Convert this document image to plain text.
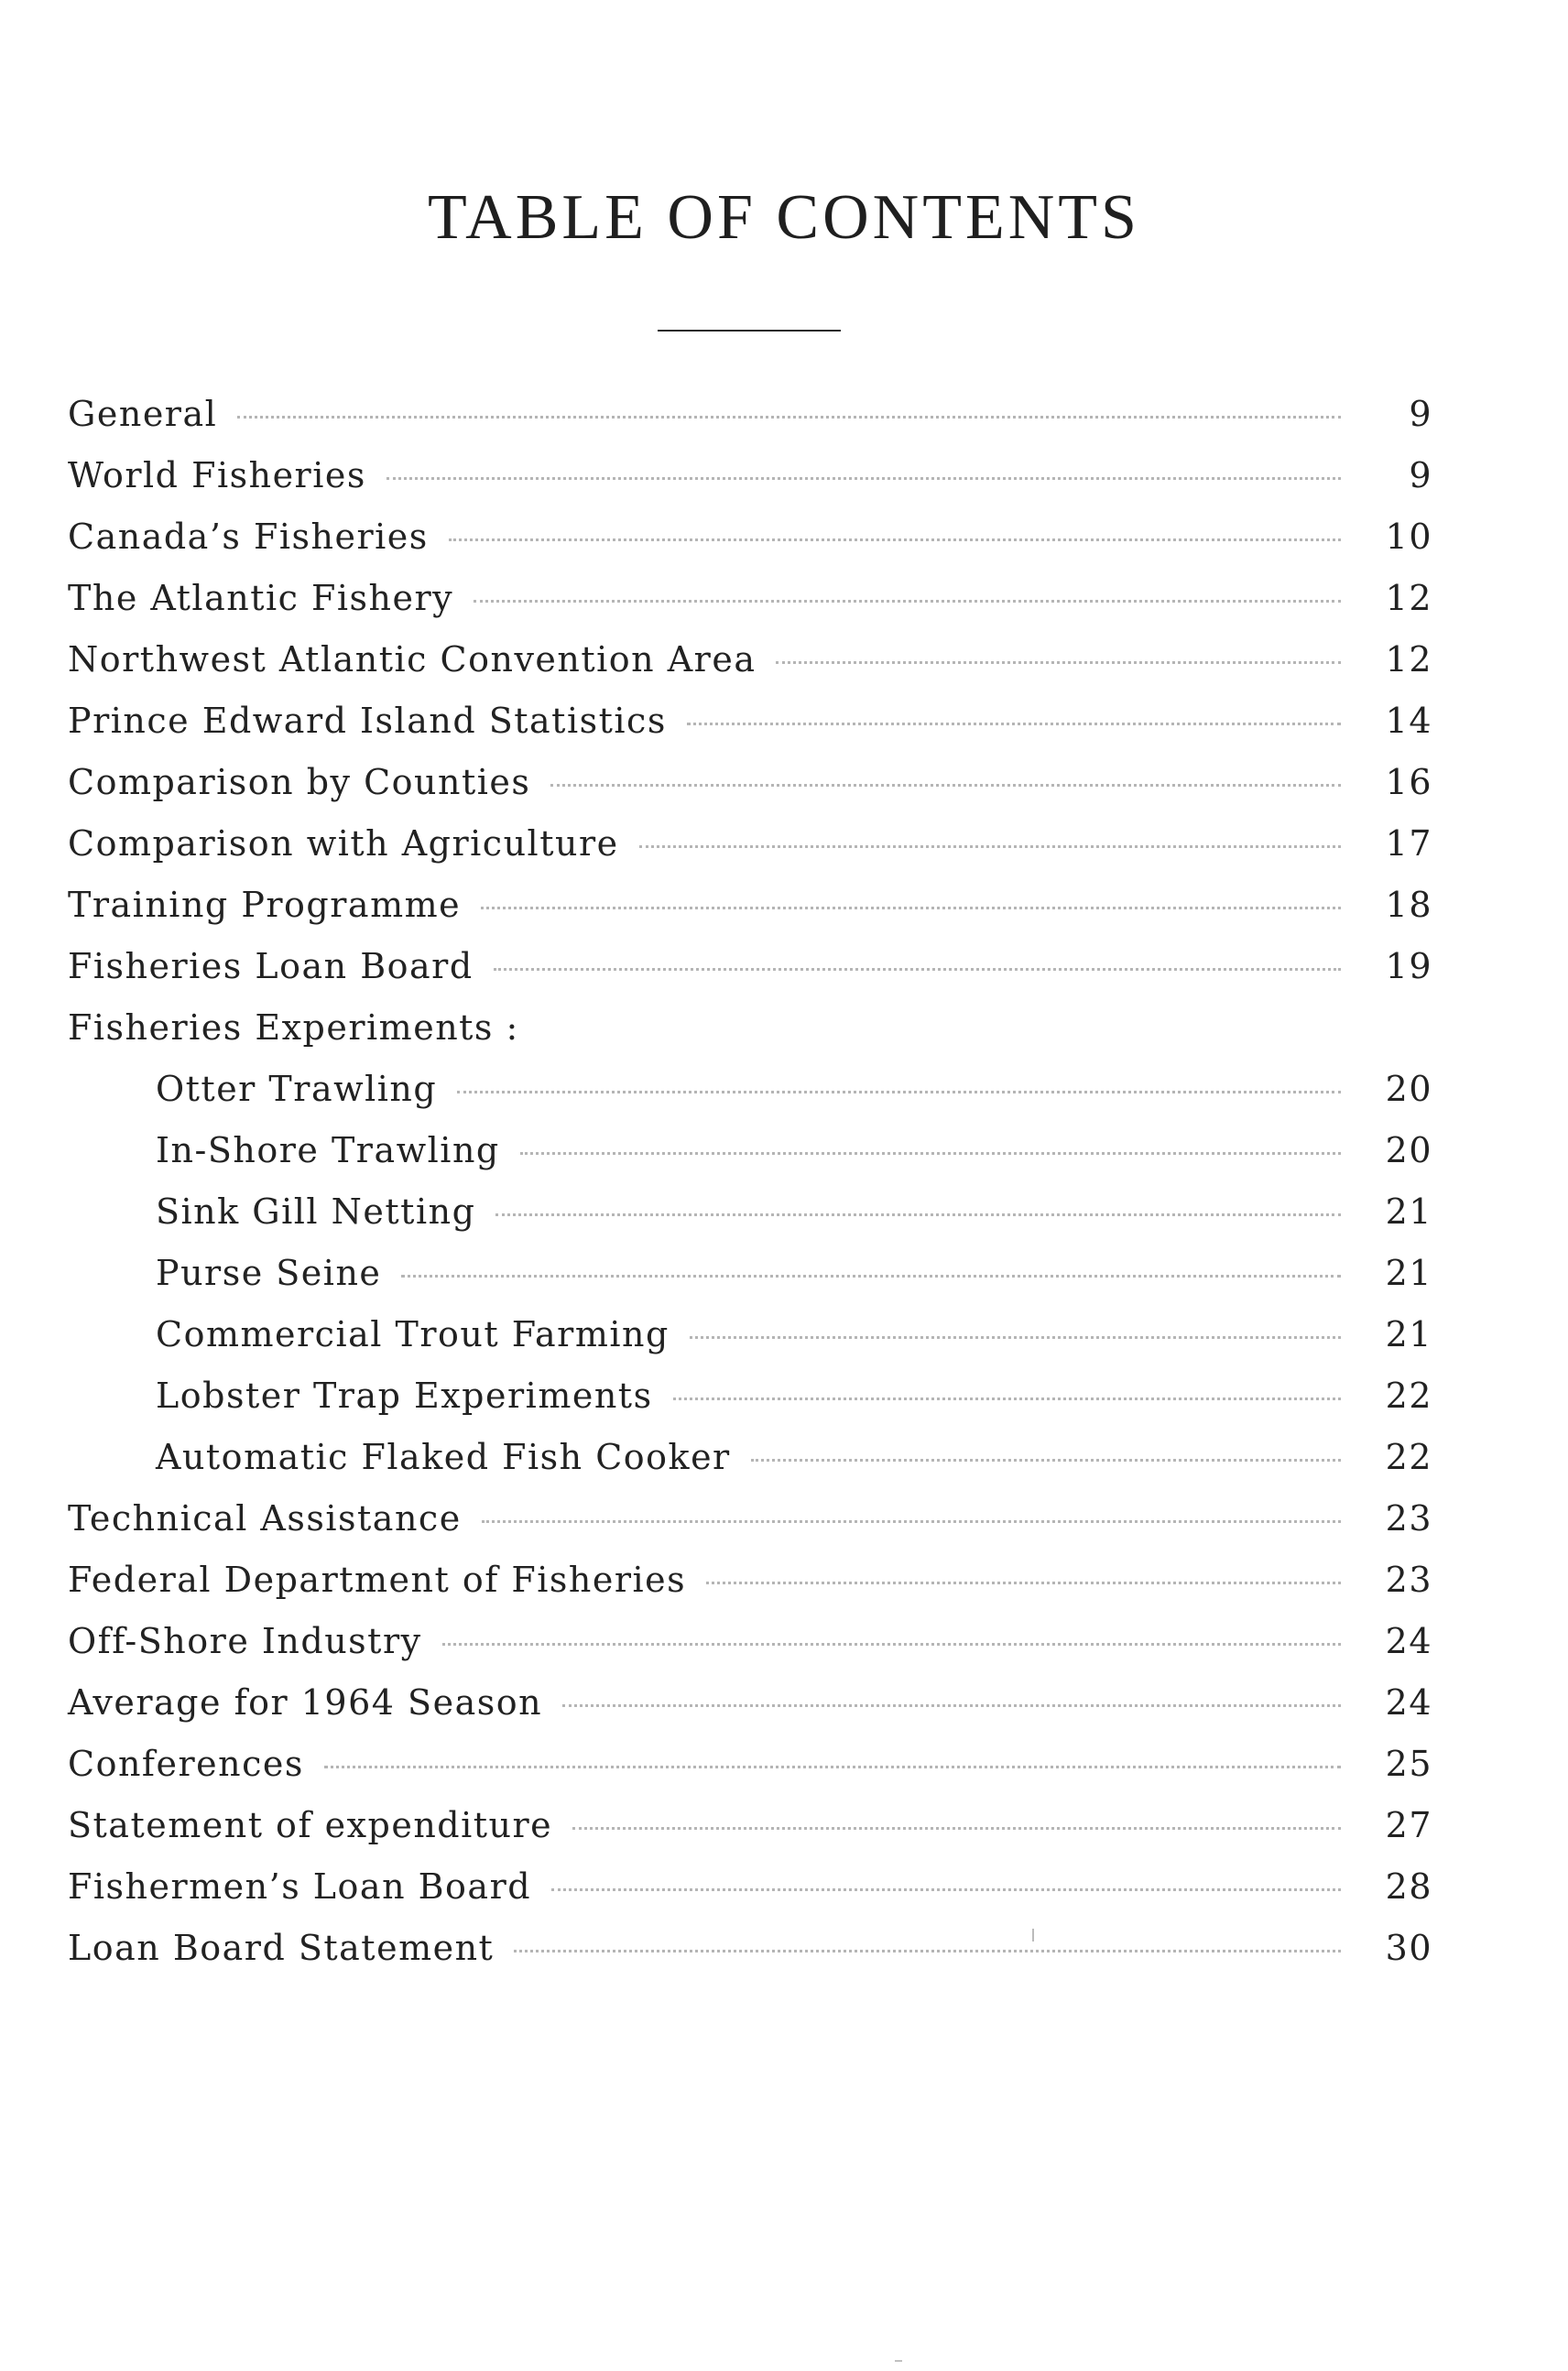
TABLE OF CONTENTS
General	9
World Fisheries	9
Canada’s Fisheries	10
The Atlantic Fishery	12
Northwest Atlantic Convention Area	12
Prince Edward Island Statistics	14
Comparison by Counties	16
Comparison with Agriculture	17
Training Programme	18
Fisheries Loan Board	19
Fisheries Experiments :
Otter Trawling	20
In-Shore Trawling	20
Sink Gill Netting	21
Purse Seine	21
Commercial Trout Farming	21
Lobster Trap Experiments	22
Automatic Flaked Fish Cooker	22
Technical Assistance	23
Federal Department of Fisheries	23
Off-Shore Industry	24
Average for 1964 Season	24
Conferences	25
Statement of expenditure	27
Fishermen’s Loan Board	28
Loan Board Statement	30
